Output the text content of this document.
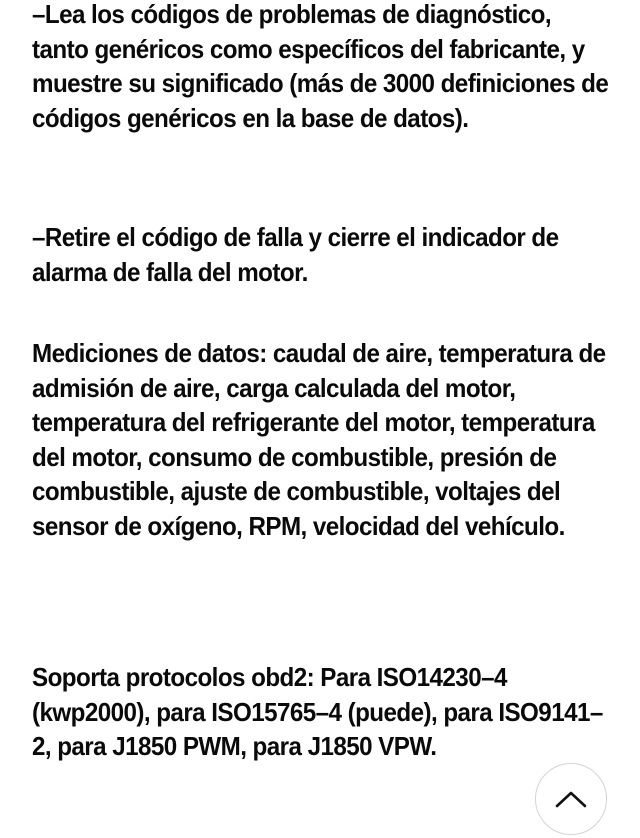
–Lea los códigos de problemas de diagnóstico, tanto genéricos como específicos del fabricante, y muestre su significado (más de 3000 definiciones de códigos genéricos en la base de datos).

–Retire el código de falla y cierre el indicador de alarma de falla del motor.

Mediciones de datos: caudal de aire, temperatura de admisión de aire, carga calculada del motor, temperatura del refrigerante del motor, temperatura del motor, consumo de combustible, presión de combustible, ajuste de combustible, voltajes del sensor de oxígeno, RPM, velocidad del vehículo.

Soporta protocolos obd2: Para ISO14230–4 (kwp2000), para ISO15765–4 (puede), para ISO9141–2, para J1850 PWM, para J1850 VPW.
